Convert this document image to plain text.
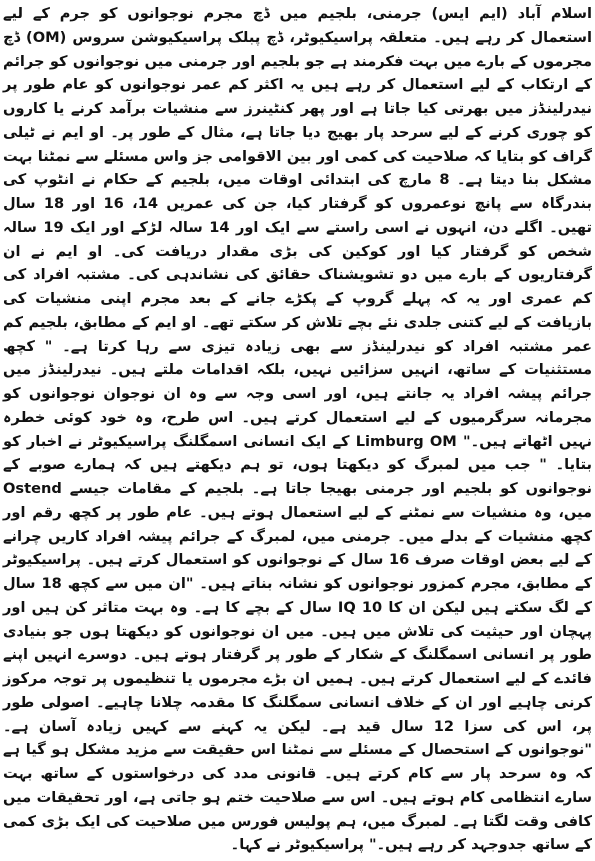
اسلام آباد (ایم ایس) جرمنی، بلجیم میں ڈچ مجرم نوجوانوں کو جرم کے لیے استعمال کر رہے ہیں۔ متعلقہ پراسیکیوٹر، ڈچ پبلک پراسیکیوشن سروس (OM) ڈچ مجرموں کے بارے میں بہت فکرمند ہے جو بلجیم اور جرمنی میں نوجوانوں کو جرائم کے ارتکاب کے لیے استعمال کر رہے ہیں یہ اکثر کم عمر نوجوانوں کو عام طور پر نیدرلینڈز میں بھرتی کیا جاتا ہے اور پھر کنٹینرز سے منشیات برآمد کرنے یا کاروں کو چوری کرنے کے لیے سرحد پار بھیج دیا جاتا ہے، مثال کے طور پر۔ او ایم نے ٹیلی گراف کو بتایا کہ صلاحیت کی کمی اور بین الاقوامی جز واس مسئلے سے نمٹنا بہت مشکل بنا دیتا ہے۔ 8 مارچ کی ابتدائی اوقات میں، بلجیم کے حکام نے انٹوپ کی بندرگاہ سے پانچ نوعمروں کو گرفتار کیا، جن کی عمریں 14، 16 اور 18 سال تھیں۔ اگلے دن، انہوں نے اسی راستے سے ایک اور 14 سالہ لڑکے اور ایک 19 سالہ شخص کو گرفتار کیا اور کوکین کی بڑی مقدار دریافت کی۔ او ایم نے ان گرفتاریوں کے بارے میں دو تشویشناک حقائق کی نشاندہی کی۔ مشتبہ افراد کی کم عمری اور یہ کہ پہلے گروپ کے پکڑے جانے کے بعد مجرم اپنی منشیات کی بازیافت کے لیے کتنی جلدی نئے بچے تلاش کر سکتے تھے۔ او ایم کے مطابق، بلجیم کم عمر مشتبہ افراد کو نیدرلینڈز سے بھی زیادہ تیزی سے رہا کرتا ہے۔ " کچھ مستثنیات کے ساتھ، انہیں سزائیں نہیں، بلکہ اقدامات ملتے ہیں۔ نیدرلینڈز میں جرائم پیشہ افراد یہ جانتے ہیں، اور اسی وجہ سے وہ ان نوجوان نوجوانوں کو مجرمانہ سرگرمیوں کے لیے استعمال کرتے ہیں۔ اس طرح، وہ خود کوئی خطرہ نہیں اٹھاتے ہیں۔" Limburg OM کے ایک انسانی اسمگلنگ پراسیکیوٹر نے اخبار کو بتایا۔ " جب میں لمبرگ کو دیکھتا ہوں، تو ہم دیکھتے ہیں کہ ہمارے صوبے کے نوجوانوں کو بلجیم اور جرمنی بھیجا جاتا ہے۔ بلجیم کے مقامات جیسے Ostend میں، وہ منشیات سے نمٹنے کے لیے استعمال ہوتے ہیں۔ عام طور پر کچھ رقم اور کچھ منشیات کے بدلے میں۔ جرمنی میں، لمبرگ کے جرائم پیشہ افراد کاریں چرانے کے لیے بعض اوقات صرف 16 سال کے نوجوانوں کو استعمال کرتے ہیں۔ پراسیکیوٹر کے مطابق، مجرم کمزور نوجوانوں کو نشانہ بناتے ہیں۔ "ان میں سے کچھ 18 سال کے لگ سکتے ہیں لیکن ان کا IQ 10 سال کے بچے کا ہے۔ وہ بہت متاثر کن ہیں اور پہچان اور حیثیت کی تلاش میں ہیں۔ میں ان نوجوانوں کو دیکھتا ہوں جو بنیادی طور پر انسانی اسمگلنگ کے شکار کے طور پر گرفتار ہوتے ہیں۔ دوسرے انہیں اپنے فائدے کے لیے استعمال کرتے ہیں۔ ہمیں ان بڑے مجرموں یا تنظیموں پر توجہ مرکوز کرنی چاہیے اور ان کے خلاف انسانی سمگلنگ کا مقدمہ چلانا چاہیے۔ اصولی طور پر، اس کی سزا 12 سال قید ہے۔ لیکن یہ کہنے سے کہیں زیادہ آسان ہے۔ "نوجوانوں کے استحصال کے مسئلے سے نمٹنا اس حقیقت سے مزید مشکل ہو گیا ہے کہ وہ سرحد پار سے کام کرتے ہیں۔ قانونی مدد کی درخواستوں کے ساتھ بہت سارے انتظامی کام ہوتے ہیں۔ اس سے صلاحیت ختم ہو جاتی ہے، اور تحقیقات میں کافی وقت لگتا ہے۔ لمبرگ میں، ہم پولیس فورس میں صلاحیت کی ایک بڑی کمی کے ساتھ جدوجہد کر رہے ہیں۔" پراسیکیوٹر نے کہا۔
